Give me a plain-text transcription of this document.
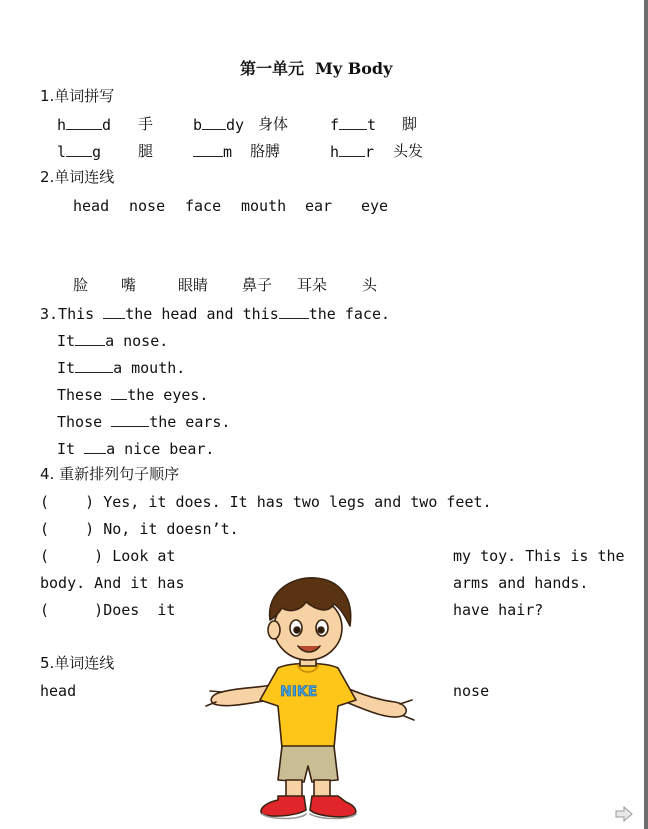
第一单元  My Body
1.单词拼写
h d 手	b dy 身体	f t 脚
l g 腿	m 胳膊	h r 头发
2.单词连线
head nose face mouth ear eye
脸 嘴	眼睛 鼻子 耳朵 头
3.This the head and this the face.
It a nose.
It	a mouth.
These the eyes.
Those	the ears.
It a nice bear.
4. 重新排列句子顺序
(    ) Yes, it does. It has two legs and two feet.
(    ) No, it doesn’t.
(     ) Look at	my toy. This is the
body. And it has	arms and hands.
(     )Does  it	have hair?
5.单词连线
head	nose
NIKE
